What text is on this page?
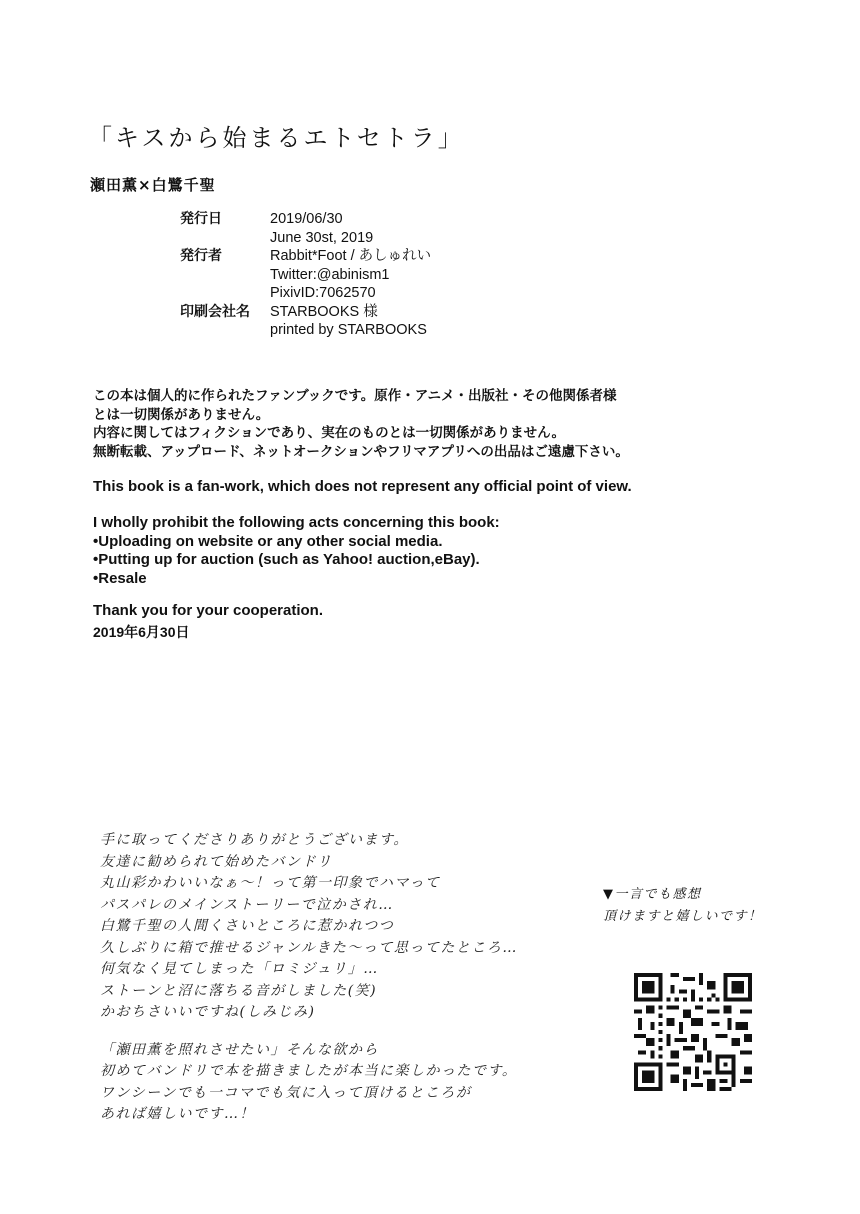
「キスから始まるエトセトラ」
瀬田薫×白鷺千聖
発行日	2019/06/30
June 30st, 2019
発行者	Rabbit*Foot / あしゅれい
Twitter:@abinism1
PixivID:7062570
印刷会社名	STARBOOKS 様
printed by STARBOOKS
この本は個人的に作られたファンブックです。原作・アニメ・出版社・その他関係者様
とは一切関係がありません。
内容に関してはフィクションであり、実在のものとは一切関係がありません。
無断転載、アップロード、ネットオークションやフリマアプリへの出品はご遠慮下さい。
This book is a fan-work, which does not represent any official point of view.
I wholly prohibit the following acts concerning this book:
•Uploading on website or any other social media.
•Putting up for auction (such as Yahoo! auction,eBay).
•Resale
Thank you for your cooperation.
2019年6月30日
手に取ってくださりありがとうございます。
友達に勧められて始めたバンドリ
丸山彩かわいいなぁ〜！って第一印象でハマって
パスパレのメインストーリーで泣かされ…
白鷺千聖の人間くさいところに惹かれつつ
久しぶりに箱で推せるジャンルきた〜って思ってたところ…
何気なく見てしまった「ロミジュリ」…
ストーンと沼に落ちる音がしました(笑)
かおちさいいですね(しみじみ)
「瀬田薫を照れさせたい」そんな欲から
初めてバンドリで本を描きましたが本当に楽しかったです。
ワンシーンでも一コマでも気に入って頂けるところが
あれば嬉しいです…！
▼一言でも感想
頂けますと嬉しいです！
